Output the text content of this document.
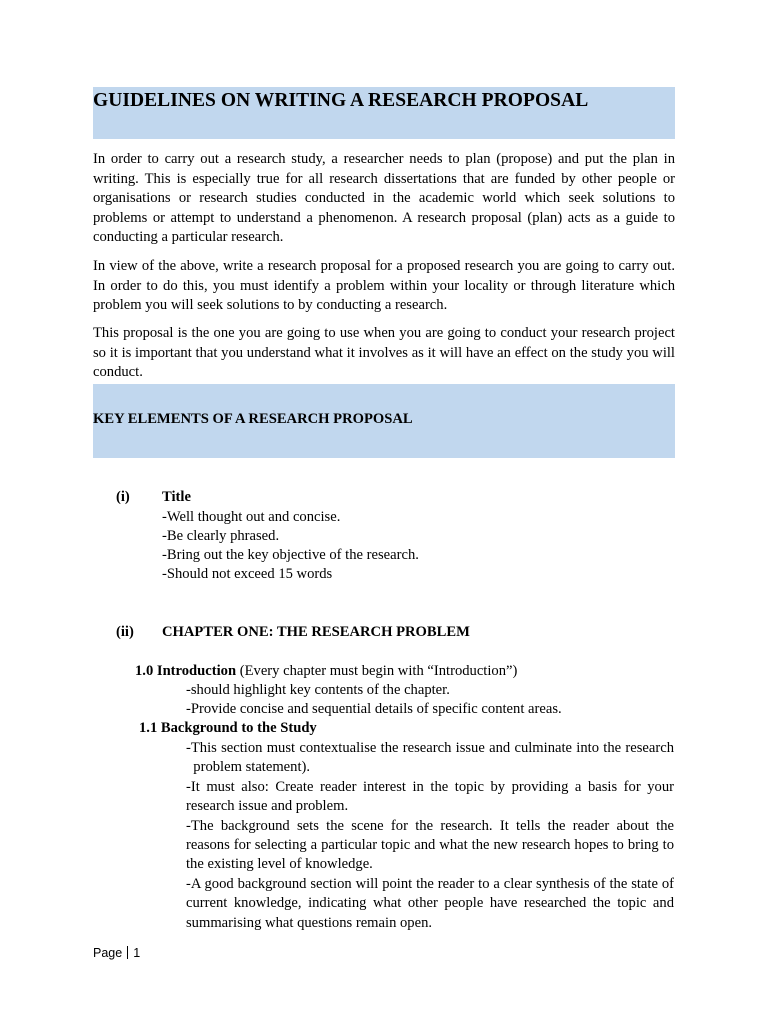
GUIDELINES ON WRITING A RESEARCH PROPOSAL

In order to carry out a research study, a researcher needs to plan (propose) and put the plan in writing. This is especially true for all research dissertations that are funded by other people or organisations or research studies conducted in the academic world which seek solutions to problems or attempt to understand a phenomenon. A research proposal (plan) acts as a guide to conducting a particular research.

In view of the above, write a research proposal for a proposed research you are going to carry out. In order to do this, you must identify a problem within your locality or through literature which problem you will seek solutions to by conducting a research.

This proposal is the one you are going to use when you are going to conduct your research project so it is important that you understand what it involves as it will have an effect on the study you will conduct.

KEY ELEMENTS OF A RESEARCH PROPOSAL
(i) Title
-Well thought out and concise.
-Be clearly phrased.
-Bring out the key objective of the research.
-Should not exceed 15 words
(ii) CHAPTER ONE: THE RESEARCH PROBLEM
1.0 Introduction (Every chapter must begin with “Introduction”)
-should highlight key contents of the chapter.
-Provide concise and sequential details of specific content areas.
1.1 Background to the Study
-This section must contextualise the research issue and culminate into the research   problem statement).
-It must also: Create reader interest in the topic by providing a basis for your research issue and problem.
-The background sets the scene for the research. It tells the reader about the reasons for selecting a particular topic and what the new research hopes to bring to the existing level of knowledge.
-A good background section will point the reader to a clear synthesis of the state of current knowledge, indicating what other people have researched the topic and summarising what questions remain open.
Page 1
